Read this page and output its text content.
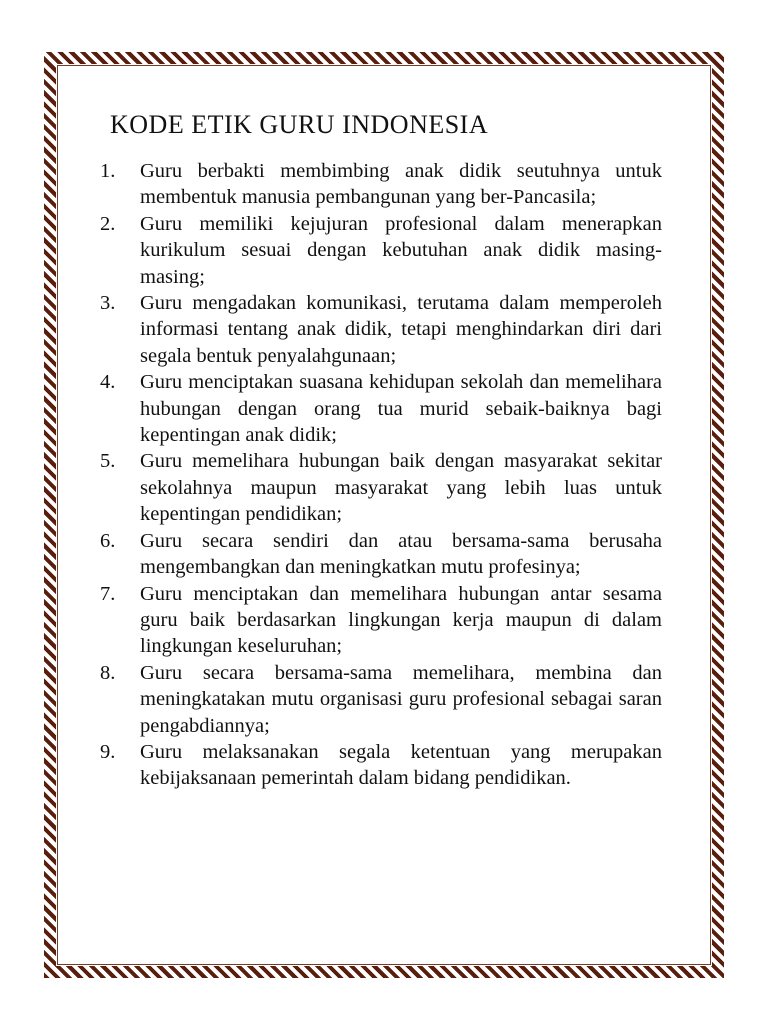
KODE ETIK GURU INDONESIA
1.	Guru berbakti membimbing anak didik seutuhnya untuk membentuk manusia pembangunan yang ber-Pancasila;
2.	Guru memiliki kejujuran profesional dalam menerapkan kurikulum sesuai dengan kebutuhan anak didik masing-masing;
3.	Guru mengadakan komunikasi, terutama dalam memperoleh informasi tentang anak didik, tetapi menghindarkan diri dari segala bentuk penyalahgunaan;
4.	Guru menciptakan suasana kehidupan sekolah dan memelihara hubungan dengan orang tua murid sebaik-baiknya bagi kepentingan anak didik;
5.	Guru memelihara hubungan baik dengan masyarakat sekitar sekolahnya maupun masyarakat yang lebih luas untuk kepentingan pendidikan;
6.	Guru secara sendiri dan atau bersama-sama berusaha mengembangkan dan meningkatkan mutu profesinya;
7.	Guru menciptakan dan memelihara hubungan antar sesama guru baik berdasarkan lingkungan kerja maupun di dalam lingkungan keseluruhan;
8.	Guru secara bersama-sama memelihara, membina dan meningkatakan mutu organisasi guru profesional sebagai saran pengabdiannya;
9.	Guru melaksanakan segala ketentuan yang merupakan kebijaksanaan pemerintah dalam bidang pendidikan.
